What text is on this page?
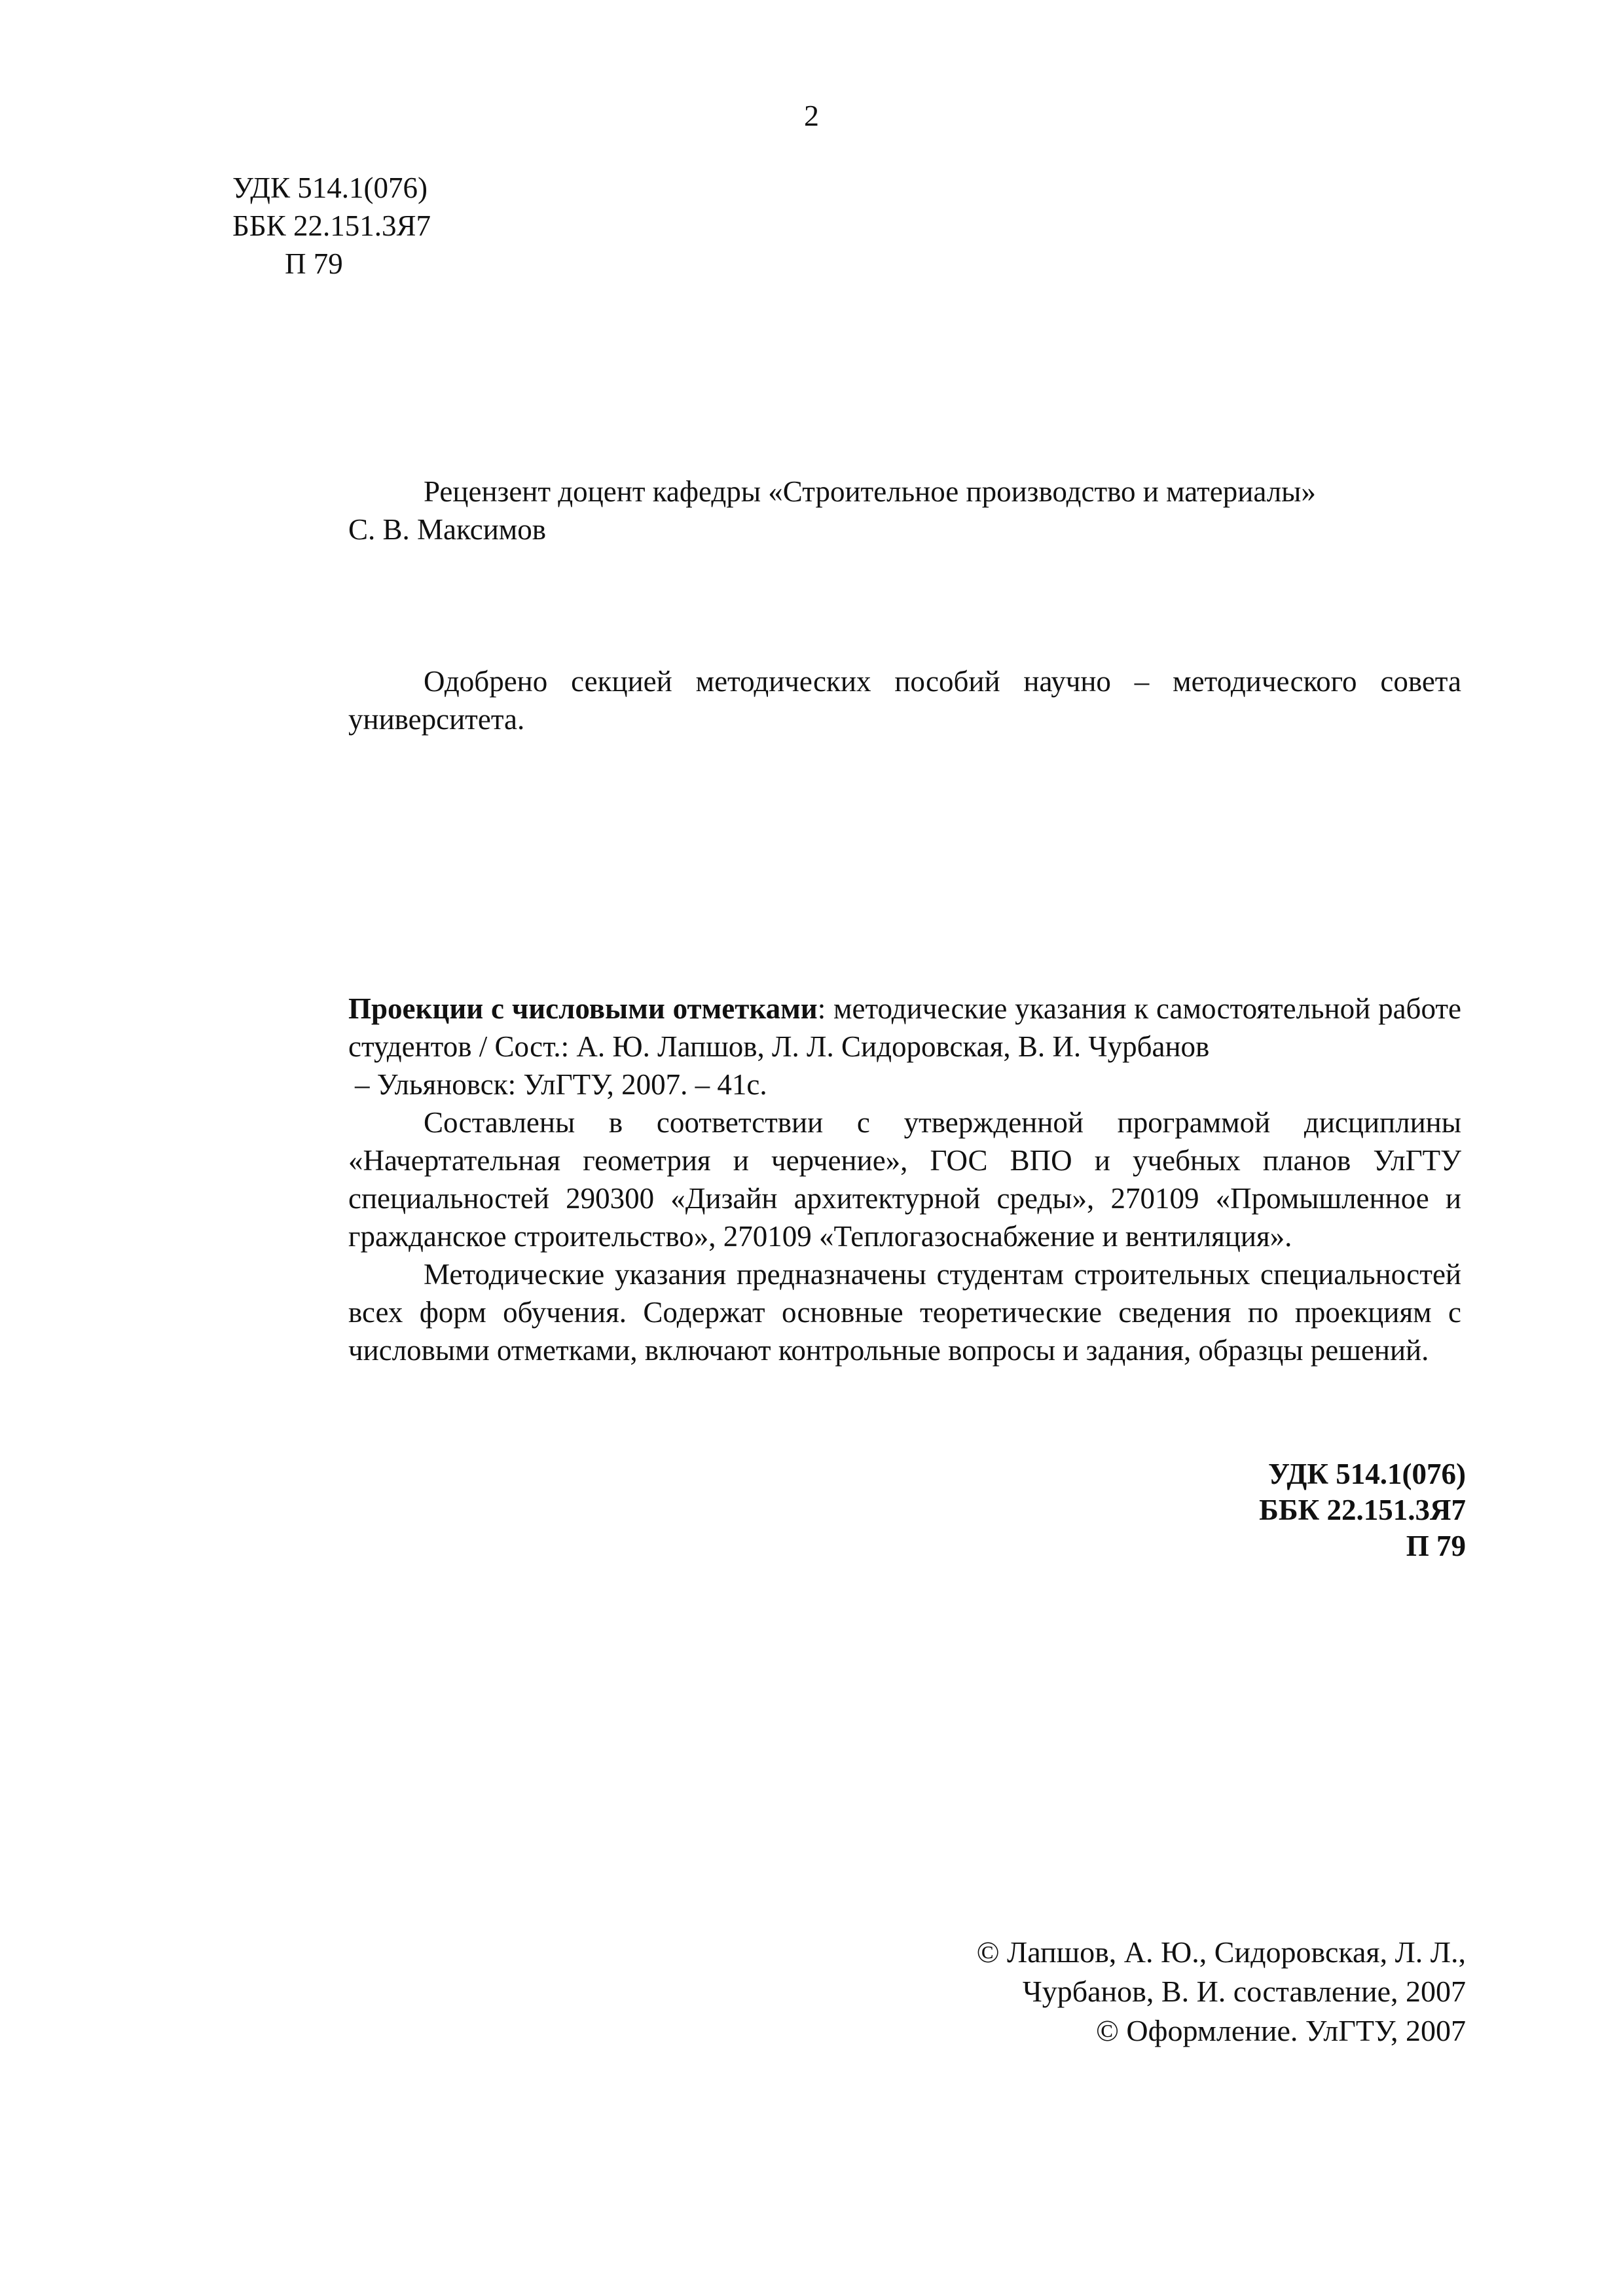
2
УДК 514.1(076)
ББК 22.151.3Я7
П 79

Рецензент доцент кафедры «Строительное производство и материалы»

С. В. Максимов

Одобрено секцией методических пособий научно – методического совета университета.

Проекции с числовыми отметками: методические указания к самостоятельной работе студентов / Сост.: А. Ю. Лапшов, Л. Л. Сидоровская, В. И. Чурбанов

– Ульяновск: УлГТУ, 2007. – 41с.

Составлены в соответствии с утвержденной программой дисциплины «Начертательная геометрия и черчение», ГОС ВПО и учебных планов УлГТУ специальностей 290300 «Дизайн архитектурной среды», 270109 «Промышленное и гражданское строительство», 270109 «Теплогазоснабжение и вентиляция».

Методические указания предназначены студентам строительных специальностей всех форм обучения. Содержат основные теоретические сведения по проекциям с числовыми отметками, включают контрольные вопросы и задания, образцы решений.

УДК 514.1(076)
ББК 22.151.3Я7
П 79
© Лапшов, А. Ю., Сидоровская, Л. Л.,
Чурбанов, В. И. составление, 2007
© Оформление. УлГТУ, 2007
